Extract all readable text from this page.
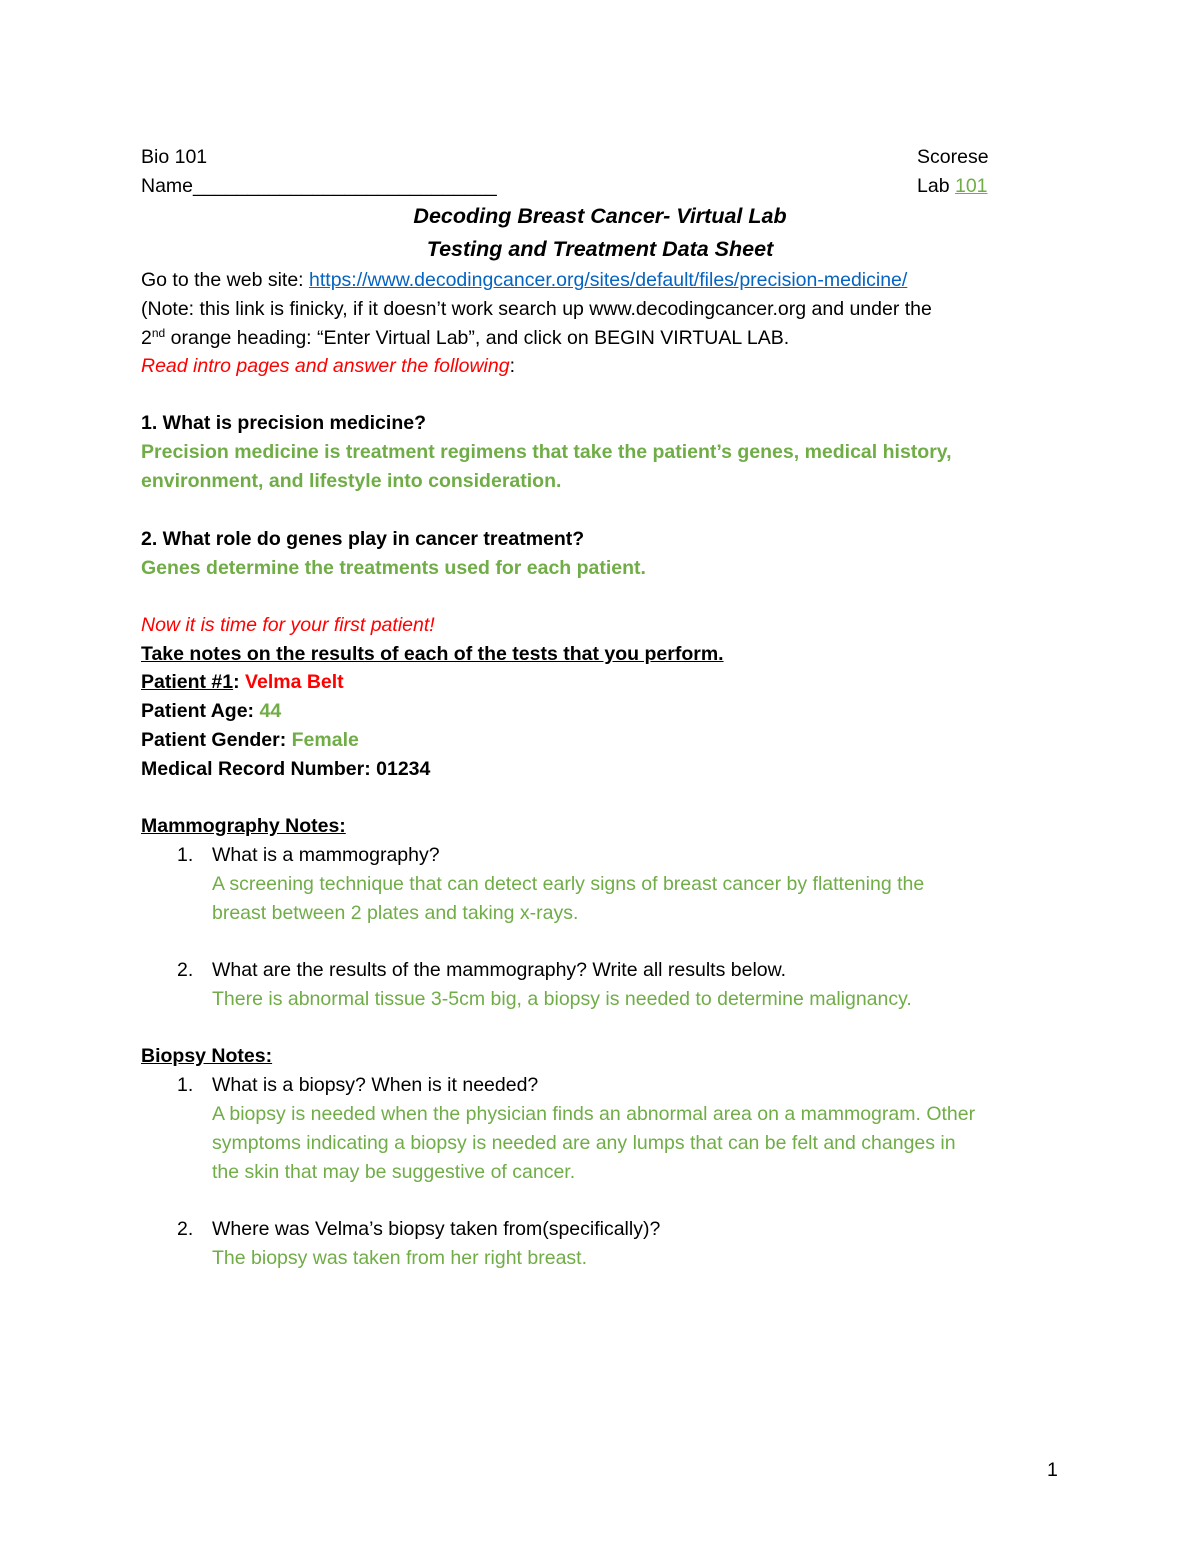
Bio 101	Scorese
Name____________________________	Lab 101
Decoding Breast Cancer- Virtual Lab
Testing and Treatment Data Sheet
Go to the web site: https://www.decodingcancer.org/sites/default/files/precision-medicine/
(Note: this link is finicky, if it doesn’t work search up www.decodingcancer.org and under the
2nd orange heading: “Enter Virtual Lab”, and click on BEGIN VIRTUAL LAB.
Read intro pages and answer the following:
1. What is precision medicine?
Precision medicine is treatment regimens that take the patient’s genes, medical history,
environment, and lifestyle into consideration.
2. What role do genes play in cancer treatment?
Genes determine the treatments used for each patient.
Now it is time for your first patient!
Take notes on the results of each of the tests that you perform.
Patient #1: Velma Belt
Patient Age: 44
Patient Gender: Female
Medical Record Number: 01234
Mammography Notes:
1. What is a mammography?
A screening technique that can detect early signs of breast cancer by flattening the
breast between 2 plates and taking x-rays.
2. What are the results of the mammography? Write all results below.
There is abnormal tissue 3-5cm big, a biopsy is needed to determine malignancy.
Biopsy Notes:
1. What is a biopsy? When is it needed?
A biopsy is needed when the physician finds an abnormal area on a mammogram. Other
symptoms indicating a biopsy is needed are any lumps that can be felt and changes in
the skin that may be suggestive of cancer.
2. Where was Velma’s biopsy taken from(specifically)?
The biopsy was taken from her right breast.
1
